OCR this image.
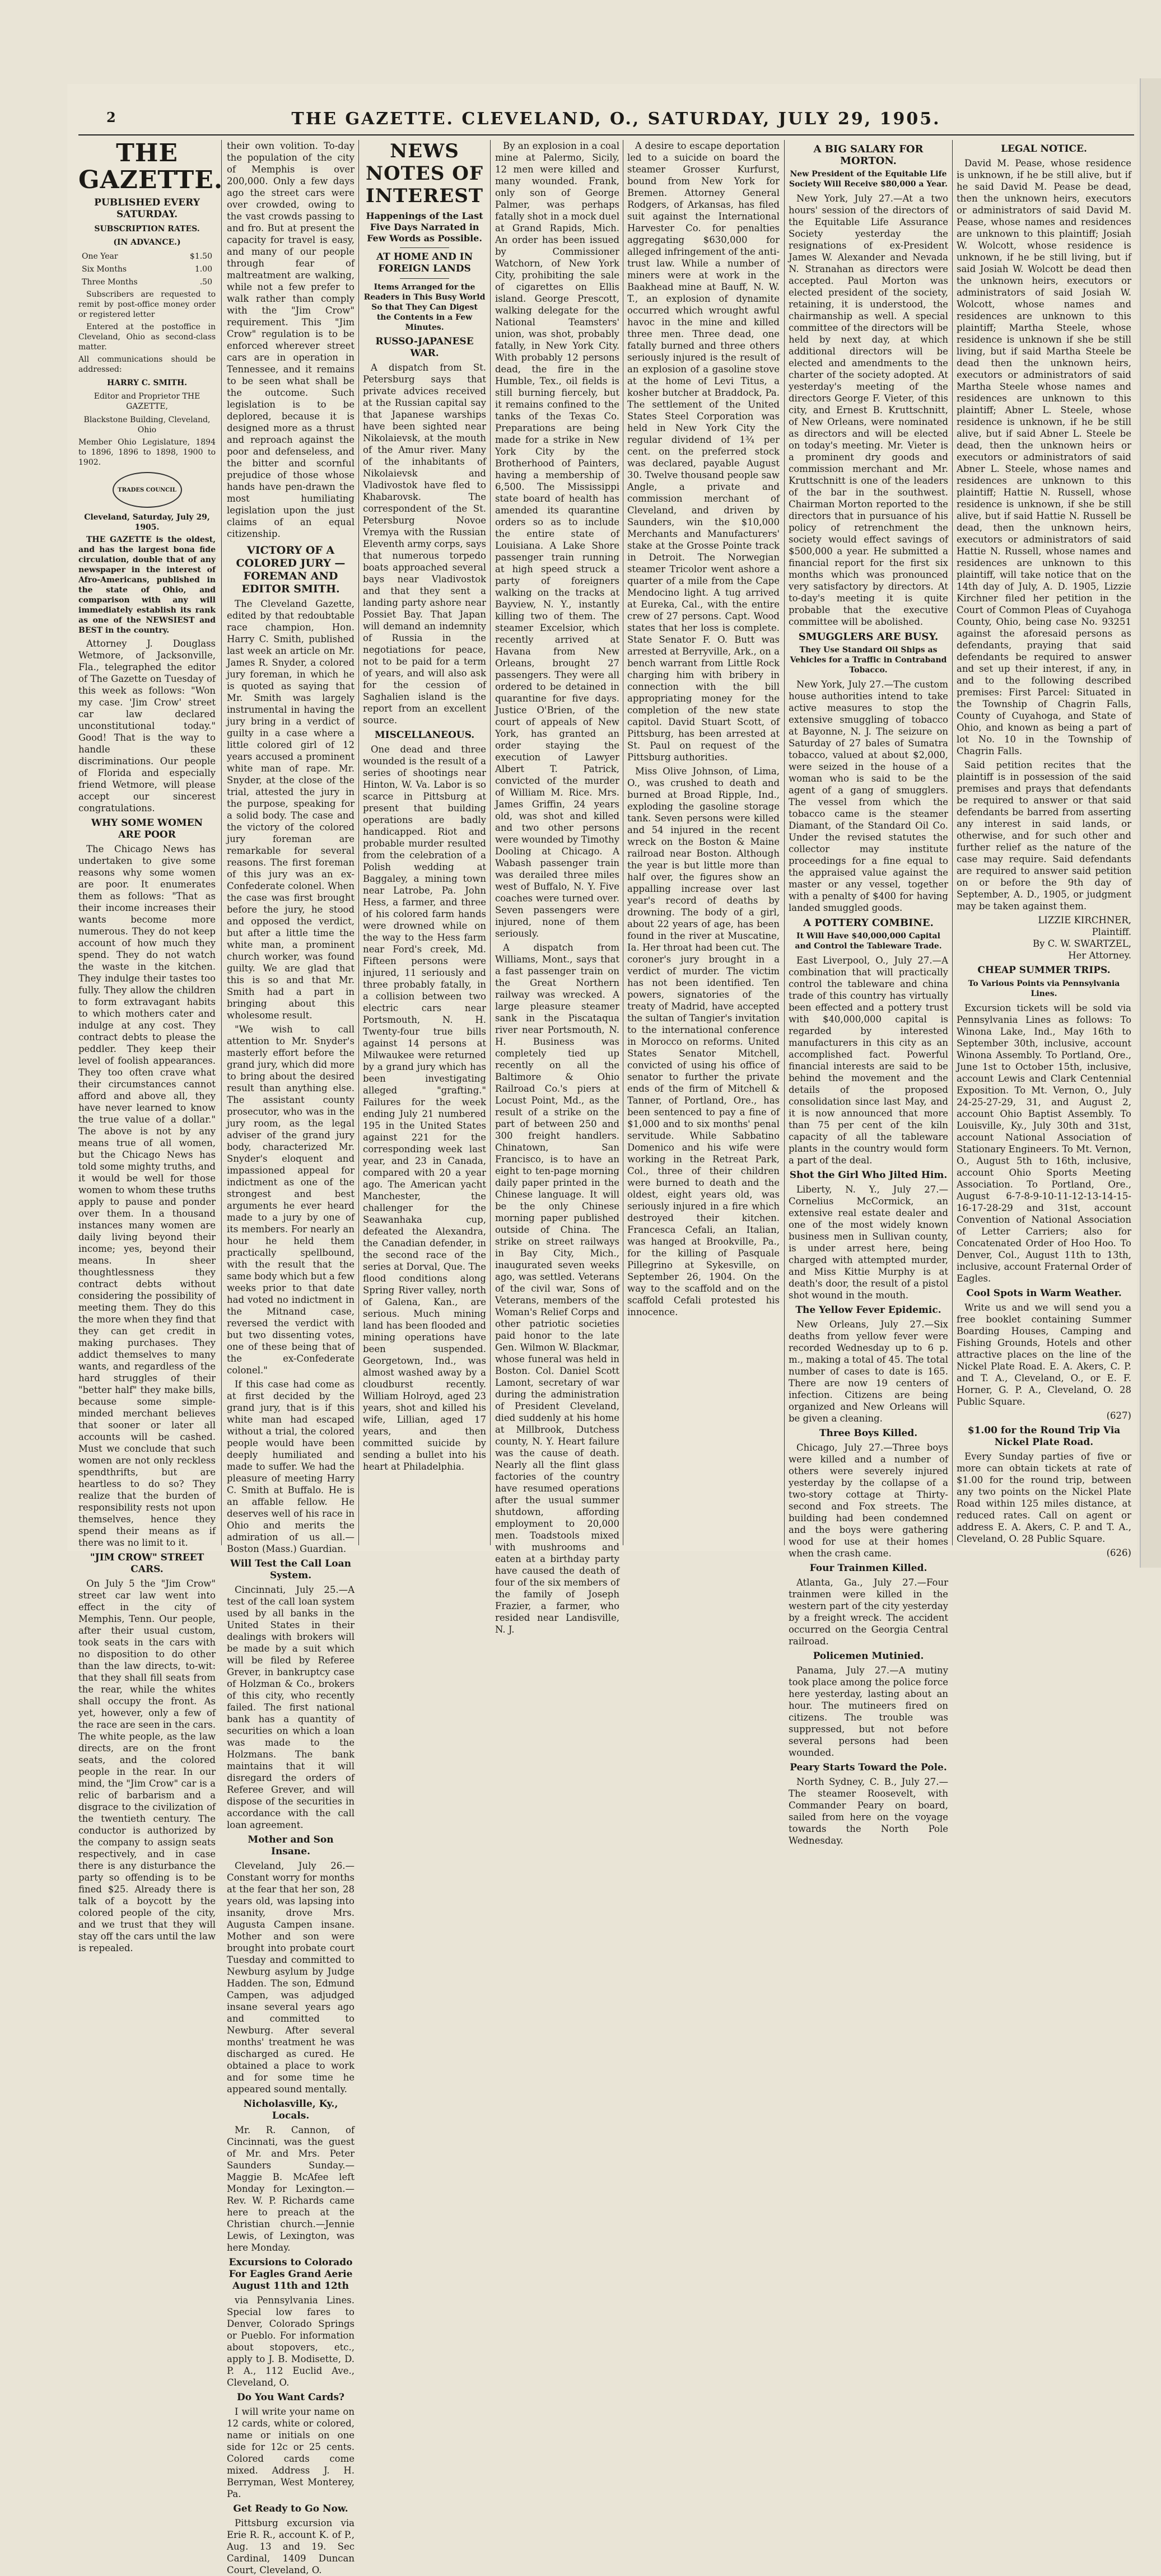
2	THE GAZETTE. CLEVELAND, O., SATURDAY, JULY 29, 1905.
THE GAZETTE.
PUBLISHED EVERY SATURDAY.
SUBSCRIPTION RATES.
(IN ADVANCE.)
One Year	$1.50
Six Months	1.00
Three Months	.50

Subscribers are requested to remit by post-office money order or registered letter

Entered at the postoffice in Cleveland, Ohio as second-class matter.

All communications should be addressed:

HARRY C. SMITH.
Editor and Proprietor THE GAZETTE,
Blackstone Building, Cleveland, Ohio

Member Ohio Legislature, 1894 to 1896, 1896 to 1898, 1900 to 1902.

TRADES COUNCIL
Cleveland, Saturday, July 29, 1905.

THE GAZETTE is the oldest, and has the largest bona fide circulation, double that of any newspaper in the interest of Afro-Americans, published in the state of Ohio, and comparison with any will immediately establish its rank as one of the NEWSIEST and BEST in the country.

Attorney J. Douglass Wetmore, of Jacksonville, Fla., telegraphed the editor of The Gazette on Tuesday of this week as follows: "Won my case. 'Jim Crow' street car law declared unconstitutional today." Good! That is the way to handle these discriminations. Our people of Florida and especially friend Wetmore, will please accept our sincerest congratulations.

WHY SOME WOMEN ARE POOR

The Chicago News has undertaken to give some reasons why some women are poor. It enumerates them as follows: "That as their income increases their wants become more numerous. They do not keep account of how much they spend. They do not watch the waste in the kitchen. They indulge their tastes too fully. They allow the children to form extravagant habits to which mothers cater and indulge at any cost. They contract debts to please the peddler. They keep their level of foolish appearances. They too often crave what their circumstances cannot afford and above all, they have never learned to know the true value of a dollar." The above is not by any means true of all women, but the Chicago News has told some mighty truths, and it would be well for those women to whom these truths apply to pause and ponder over them. In a thousand instances many women are daily living beyond their income; yes, beyond their means. In sheer thoughtlessness they contract debts without considering the possibility of meeting them. They do this the more when they find that they can get credit in making purchases. They addict themselves to many wants, and regardless of the hard struggles of their "better half" they make bills, because some simple-minded merchant believes that sooner or later all accounts will be cashed. Must we conclude that such women are not only reckless spendthrifts, but are heartless to do so? They realize that the burden of responsibility rests not upon themselves, hence they spend their means as if there was no limit to it.

"JIM CROW" STREET CARS.

On July 5 the "Jim Crow" street car law went into effect in the city of Memphis, Tenn. Our people, after their usual custom, took seats in the cars with no disposition to do other than the law directs, to-wit: that they shall fill seats from the rear, while the whites shall occupy the front. As yet, however, only a few of the race are seen in the cars. The white people, as the law directs, are on the front seats, and the colored people in the rear. In our mind, the "Jim Crow" car is a relic of barbarism and a disgrace to the civilization of the twentieth century. The conductor is authorized by the company to assign seats respectively, and in case there is any disturbance the party so offending is to be fined $25. Already there is talk of a boycott by the colored people of the city, and we trust that they will stay off the cars until the law is repealed.

their own volition. To-day the population of the city of Memphis is over 200,000. Only a few days ago the street cars were over crowded, owing to the vast crowds passing to and fro. But at present the capacity for travel is easy, and many of our people through fear of maltreatment are walking, while not a few prefer to walk rather than comply with the "Jim Crow" requirement. This "Jim Crow" regulation is to be enforced wherever street cars are in operation in Tennessee, and it remains to be seen what shall be the outcome. Such legislation is to be deplored, because it is designed more as a thrust and reproach against the poor and defenseless, and the bitter and scornful prejudice of those whose hands have pen-drawn the most humiliating legislation upon the just claims of an equal citizenship.

VICTORY OF A COLORED JURY —FOREMAN AND EDITOR SMITH.

The Cleveland Gazette, edited by that redoubtable race champion, Hon. Harry C. Smith, published last week an article on Mr. James R. Snyder, a colored jury foreman, in which he is quoted as saying that Mr. Smith was largely instrumental in having the jury bring in a verdict of guilty in a case where a little colored girl of 12 years accused a prominent white man of rape. Mr. Snyder, at the close of the trial, attested the jury in the purpose, speaking for a solid body. The case and the victory of the colored jury foreman are remarkable for several reasons. The first foreman of this jury was an ex-Confederate colonel. When the case was first brought before the jury, he stood and opposed the verdict, but after a little time the white man, a prominent church worker, was found guilty. We are glad that this is so and that Mr. Smith had a part in bringing about this wholesome result.

"We wish to call attention to Mr. Snyder's masterly effort before the grand jury, which did more to bring about the desired result than anything else. The assistant county prosecutor, who was in the jury room, as the legal adviser of the grand jury body, characterized Mr. Snyder's eloquent and impassioned appeal for indictment as one of the strongest and best arguments he ever heard made to a jury by one of its members. For nearly an hour he held them practically spellbound, with the result that the same body which but a few weeks prior to that date had voted no indictment in the Mitnand case, reversed the verdict with but two dissenting votes, one of these being that of the ex-Confederate colonel."

If this case had come as at first decided by the grand jury, that is if this white man had escaped without a trial, the colored people would have been deeply humiliated and made to suffer. We had the pleasure of meeting Harry C. Smith at Buffalo. He is an affable fellow. He deserves well of his race in Ohio and merits the admiration of us all.—Boston (Mass.) Guardian.

Will Test the Call Loan System.

Cincinnati, July 25.—A test of the call loan system used by all banks in the United States in their dealings with brokers will be made by a suit which will be filed by Referee Grever, in bankruptcy case of Holzman & Co., brokers of this city, who recently failed. The first national bank has a quantity of securities on which a loan was made to the Holzmans. The bank maintains that it will disregard the orders of Referee Grever, and will dispose of the securities in accordance with the call loan agreement.

Mother and Son Insane.

Cleveland, July 26.—Constant worry for months at the fear that her son, 28 years old, was lapsing into insanity, drove Mrs. Augusta Campen insane. Mother and son were brought into probate court Tuesday and committed to Newburg asylum by Judge Hadden. The son, Edmund Campen, was adjudged insane several years ago and committed to Newburg. After several months' treatment he was discharged as cured. He obtained a place to work and for some time he appeared sound mentally.

Nicholasville, Ky., Locals.

Mr. R. Cannon, of Cincinnati, was the guest of Mr. and Mrs. Peter Saunders Sunday.—Maggie B. McAfee left Monday for Lexington.—Rev. W. P. Richards came here to preach at the Christian church.—Jennie Lewis, of Lexington, was here Monday.

Excursions to Colorado For Eagles Grand Aerie August 11th and 12th

via Pennsylvania Lines. Special low fares to Denver, Colorado Springs or Pueblo. For information about stopovers, etc., apply to J. B. Modisette, D. P. A., 112 Euclid Ave., Cleveland, O.

Do You Want Cards?

I will write your name on 12 cards, white or colored, name or initials on one side for 12c or 25 cents. Colored cards come mixed. Address J. H. Berryman, West Monterey, Pa.

Get Ready to Go Now.

Pittsburg excursion via Erie R. R., account K. of P., Aug. 13 and 19. Sec Cardinal, 1409 Duncan Court, Cleveland, O.

NEWS NOTES OF INTEREST
Happenings of the Last Five Days Narrated in Few Words as Possible.
AT HOME AND IN FOREIGN LANDS
Items Arranged for the Readers in This Busy World So that They Can Digest the Contents in a Few Minutes.
RUSSO-JAPANESE WAR.

A dispatch from St. Petersburg says that private advices received at the Russian capital say that Japanese warships have been sighted near Nikolaievsk, at the mouth of the Amur river. Many of the inhabitants of Nikolaievsk and Vladivostok have fled to Khabarovsk. The correspondent of the St. Petersburg Novoe Vremya with the Russian Eleventh army corps, says that numerous torpedo boats approached several bays near Vladivostok and that they sent a landing party ashore near Possiet Bay. That Japan will demand an indemnity of Russia in the negotiations for peace, not to be paid for a term of years, and will also ask for the cession of Saghalien island is the report from an excellent source.

MISCELLANEOUS.

One dead and three wounded is the result of a series of shootings near Hinton, W. Va. Labor is so scarce in Pittsburg at present that building operations are badly handicapped. Riot and probable murder resulted from the celebration of a Polish wedding at Baggaley, a mining town near Latrobe, Pa. John Hess, a farmer, and three of his colored farm hands were drowned while on the way to the Hess farm near Ford's creek, Md. Fifteen persons were injured, 11 seriously and three probably fatally, in a collision between two electric cars near Portsmouth, N. H. Twenty-four true bills against 14 persons at Milwaukee were returned by a grand jury which has been investigating alleged "grafting." Failures for the week ending July 21 numbered 195 in the United States against 221 for the corresponding week last year, and 23 in Canada, compared with 20 a year ago. The American yacht Manchester, the challenger for the Seawanhaka cup, defeated the Alexandra, the Canadian defender, in the second race of the series at Dorval, Que. The flood conditions along Spring River valley, north of Galena, Kan., are serious. Much mining land has been flooded and mining operations have been suspended. Georgetown, Ind., was almost washed away by a cloudburst recently. William Holroyd, aged 23 years, shot and killed his wife, Lillian, aged 17 years, and then committed suicide by sending a bullet into his heart at Philadelphia.

By an explosion in a coal mine at Palermo, Sicily, 12 men were killed and many wounded. Frank, only son of George Palmer, was perhaps fatally shot in a mock duel at Grand Rapids, Mich. An order has been issued by Commissioner Watchorn, of New York City, prohibiting the sale of cigarettes on Ellis island. George Prescott, walking delegate for the National Teamsters' union, was shot, probably fatally, in New York City. With probably 12 persons dead, the fire in the Humble, Tex., oil fields is still burning fiercely, but it remains confined to the tanks of the Texas Co. Preparations are being made for a strike in New York City by the Brotherhood of Painters, having a membership of 6,500. The Mississippi state board of health has amended its quarantine orders so as to include the entire state of Louisiana. A Lake Shore passenger train running at high speed struck a party of foreigners walking on the tracks at Bayview, N. Y., instantly killing two of them. The steamer Excelsior, which recently arrived at Havana from New Orleans, brought 27 passengers. They were all ordered to be detained in quarantine for five days. Justice O'Brien, of the court of appeals of New York, has granted an order staying the execution of Lawyer Albert T. Patrick, convicted of the murder of William M. Rice. Mrs. James Griffin, 24 years old, was shot and killed and two other persons were wounded by Timothy Dooling at Chicago. A Wabash passenger train was derailed three miles west of Buffalo, N. Y. Five coaches were turned over. Seven passengers were injured, none of them seriously.

A dispatch from Williams, Mont., says that a fast passenger train on the Great Northern railway was wrecked. A large pleasure steamer sank in the Piscataqua river near Portsmouth, N. H. Business was completely tied up recently on all the Baltimore & Ohio Railroad Co.'s piers at Locust Point, Md., as the result of a strike on the part of between 250 and 300 freight handlers. Chinatown, San Francisco, is to have an eight to ten-page morning daily paper printed in the Chinese language. It will be the only Chinese morning paper published outside of China. The strike on street railways in Bay City, Mich., inaugurated seven weeks ago, was settled. Veterans of the civil war, Sons of Veterans, members of the Woman's Relief Corps and other patriotic societies paid honor to the late Gen. Wilmon W. Blackmar, whose funeral was held in Boston. Col. Daniel Scott Lamont, secretary of war during the administration of President Cleveland, died suddenly at his home at Millbrook, Dutchess county, N. Y. Heart failure was the cause of death. Nearly all the flint glass factories of the country have resumed operations after the usual summer shutdown, affording employment to 20,000 men. Toadstools mixed with mushrooms and eaten at a birthday party have caused the death of four of the six members of the family of Joseph Frazier, a farmer, who resided near Landisville, N. J.

A desire to escape deportation led to a suicide on board the steamer Grosser Kurfurst, bound from New York for Bremen. Attorney General Rodgers, of Arkansas, has filed suit against the International Harvester Co. for penalties aggregating $630,000 for alleged infringement of the anti-trust law. While a number of miners were at work in the Baakhead mine at Bauff, N. W. T., an explosion of dynamite occurred which wrought awful havoc in the mine and killed three men. Three dead, one fatally burned and three others seriously injured is the result of an explosion of a gasoline stove at the home of Levi Titus, a kosher butcher at Braddock, Pa. The settlement of the United States Steel Corporation was held in New York City the regular dividend of 1¾ per cent. on the preferred stock was declared, payable August 30. Twelve thousand people saw Angle, a private and commission merchant of Cleveland, and driven by Saunders, win the $10,000 Merchants and Manufacturers' stake at the Grosse Pointe track in Detroit. The Norwegian steamer Tricolor went ashore a quarter of a mile from the Cape Mendocino light. A tug arrived at Eureka, Cal., with the entire crew of 27 persons. Capt. Wood states that her loss is complete. State Senator F. O. Butt was arrested at Berryville, Ark., on a bench warrant from Little Rock charging him with bribery in connection with the bill appropriating money for the completion of the new state capitol. David Stuart Scott, of Pittsburg, has been arrested at St. Paul on request of the Pittsburg authorities.

Miss Olive Johnson, of Lima, O., was crushed to death and burned at Broad Ripple, Ind., exploding the gasoline storage tank. Seven persons were killed and 54 injured in the recent wreck on the Boston & Maine railroad near Boston. Although the year is but little more than half over, the figures show an appalling increase over last year's record of deaths by drowning. The body of a girl, about 22 years of age, has been found in the river at Muscatine, Ia. Her throat had been cut. The coroner's jury brought in a verdict of murder. The victim has not been identified. Ten powers, signatories of the treaty of Madrid, have accepted the sultan of Tangier's invitation to the international conference in Morocco on reforms. United States Senator Mitchell, convicted of using his office of senator to further the private ends of the firm of Mitchell & Tanner, of Portland, Ore., has been sentenced to pay a fine of $1,000 and to six months' penal servitude. While Sabbatino Domenico and his wife were working in the Retreat Park, Col., three of their children were burned to death and the oldest, eight years old, was seriously injured in a fire which destroyed their kitchen. Francesca Cefali, an Italian, was hanged at Brookville, Pa., for the killing of Pasquale Pillegrino at Sykesville, on September 26, 1904. On the way to the scaffold and on the scaffold Cefali protested his innocence.

A BIG SALARY FOR MORTON.
New President of the Equitable Life Society Will Receive $80,000 a Year.

New York, July 27.—At a two hours' session of the directors of the Equitable Life Assurance Society yesterday the resignations of ex-President James W. Alexander and Nevada N. Stranahan as directors were accepted. Paul Morton was elected president of the society, retaining, it is understood, the chairmanship as well. A special committee of the directors will be held by next day, at which additional directors will be elected and amendments to the charter of the society adopted. At yesterday's meeting of the directors George F. Vieter, of this city, and Ernest B. Kruttschnitt, of New Orleans, were nominated as directors and will be elected on today's meeting. Mr. Vieter is a prominent dry goods and commission merchant and Mr. Kruttschnitt is one of the leaders of the bar in the southwest. Chairman Morton reported to the directors that in pursuance of his policy of retrenchment the society would effect savings of $500,000 a year. He submitted a financial report for the first six months which was pronounced very satisfactory by directors. At to-day's meeting it is quite probable that the executive committee will be abolished.

SMUGGLERS ARE BUSY.
They Use Standard Oil Ships as Vehicles for a Traffic in Contraband Tobacco.

New York, July 27.—The custom house authorities intend to take active measures to stop the extensive smuggling of tobacco at Bayonne, N. J. The seizure on Saturday of 27 bales of Sumatra tobacco, valued at about $2,000, were seized in the house of a woman who is said to be the agent of a gang of smugglers. The vessel from which the tobacco came is the steamer Diamant, of the Standard Oil Co. Under the revised statutes the collector may institute proceedings for a fine equal to the appraised value against the master or any vessel, together with a penalty of $400 for having landed smuggled goods.

A POTTERY COMBINE.
It Will Have $40,000,000 Capital and Control the Tableware Trade.

East Liverpool, O., July 27.—A combination that will practically control the tableware and china trade of this country has virtually been effected and a pottery trust with $40,000,000 capital is regarded by interested manufacturers in this city as an accomplished fact. Powerful financial interests are said to be behind the movement and the details of the proposed consolidation since last May, and it is now announced that more than 75 per cent of the kiln capacity of all the tableware plants in the country would form a part of the deal.

Shot the Girl Who Jilted Him.

Liberty, N. Y., July 27.—Cornelius McCormick, an extensive real estate dealer and one of the most widely known business men in Sullivan county, is under arrest here, being charged with attempted murder, and Miss Kittie Murphy is at death's door, the result of a pistol shot wound in the mouth.

The Yellow Fever Epidemic.

New Orleans, July 27.—Six deaths from yellow fever were recorded Wednesday up to 6 p. m., making a total of 45. The total number of cases to date is 165. There are now 19 centers of infection. Citizens are being organized and New Orleans will be given a cleaning.

Three Boys Killed.

Chicago, July 27.—Three boys were killed and a number of others were severely injured yesterday by the collapse of a two-story cottage at Thirty-second and Fox streets. The building had been condemned and the boys were gathering wood for use at their homes when the crash came.

Four Trainmen Killed.

Atlanta, Ga., July 27.—Four trainmen were killed in the western part of the city yesterday by a freight wreck. The accident occurred on the Georgia Central railroad.

Policemen Mutinied.

Panama, July 27.—A mutiny took place among the police force here yesterday, lasting about an hour. The mutineers fired on citizens. The trouble was suppressed, but not before several persons had been wounded.

Peary Starts Toward the Pole.

North Sydney, C. B., July 27.—The steamer Roosevelt, with Commander Peary on board, sailed from here on the voyage towards the North Pole Wednesday.

LEGAL NOTICE.

David M. Pease, whose residence is unknown, if he be still alive, but if he said David M. Pease be dead, then the unknown heirs, executors or administrators of said David M. Pease, whose names and residences are unknown to this plaintiff; Josiah W. Wolcott, whose residence is unknown, if he be still living, but if said Josiah W. Wolcott be dead then the unknown heirs, executors or administrators of said Josiah W. Wolcott, whose names and residences are unknown to this plaintiff; Martha Steele, whose residence is unknown if she be still living, but if said Martha Steele be dead then the unknown heirs, executors or administrators of said Martha Steele whose names and residences are unknown to this plaintiff; Abner L. Steele, whose residence is unknown, if he be still alive, but if said Abner L. Steele be dead, then the unknown heirs or executors or administrators of said Abner L. Steele, whose names and residences are unknown to this plaintiff; Hattie N. Russell, whose residence is unknown, if she be still alive, but if said Hattie N. Russell be dead, then the unknown heirs, executors or administrators of said Hattie N. Russell, whose names and residences are unknown to this plaintiff, will take notice that on the 14th day of July, A. D. 1905, Lizzie Kirchner filed her petition in the Court of Common Pleas of Cuyahoga County, Ohio, being case No. 93251 against the aforesaid persons as defendants, praying that said defendants be required to answer and set up their interest, if any, in and to the following described premises: First Parcel: Situated in the Township of Chagrin Falls, County of Cuyahoga, and State of Ohio, and known as being a part of lot No. 10 in the Township of Chagrin Falls.

Said petition recites that the plaintiff is in possession of the said premises and prays that defendants be required to answer or that said defendants be barred from asserting any interest in said lands, or otherwise, and for such other and further relief as the nature of the case may require. Said defendants are required to answer said petition on or before the 9th day of September, A. D., 1905, or judgment may be taken against them.

LIZZIE KIRCHNER,
Plaintiff.
By C. W. SWARTZEL,
Her Attorney.
CHEAP SUMMER TRIPS.
To Various Points via Pennsylvania Lines.

Excursion tickets will be sold via Pennsylvania Lines as follows: To Winona Lake, Ind., May 16th to September 30th, inclusive, account Winona Assembly. To Portland, Ore., June 1st to October 15th, inclusive, account Lewis and Clark Centennial Exposition. To Mt. Vernon, O., July 24-25-27-29, 31, and August 2, account Ohio Baptist Assembly. To Louisville, Ky., July 30th and 31st, account National Association of Stationary Engineers. To Mt. Vernon, O., August 5th to 16th, inclusive, account Ohio Sports Meeting Association. To Portland, Ore., August 6-7-8-9-10-11-12-13-14-15-16-17-28-29 and 31st, account Convention of National Association of Letter Carriers; also for Concatenated Order of Hoo Hoo. To Denver, Col., August 11th to 13th, inclusive, account Fraternal Order of Eagles.

Cool Spots in Warm Weather.

Write us and we will send you a free booklet containing Summer Boarding Houses, Camping and Fishing Grounds, Hotels and other attractive places on the line of the Nickel Plate Road. E. A. Akers, C. P. and T. A., Cleveland, O., or E. F. Horner, G. P. A., Cleveland, O. 28 Public Square.

(627)
$1.00 for the Round Trip Via Nickel Plate Road.

Every Sunday parties of five or more can obtain tickets at rate of $1.00 for the round trip, between any two points on the Nickel Plate Road within 125 miles distance, at reduced rates. Call on agent or address E. A. Akers, C. P. and T. A., Cleveland, O. 28 Public Square.

(626)
